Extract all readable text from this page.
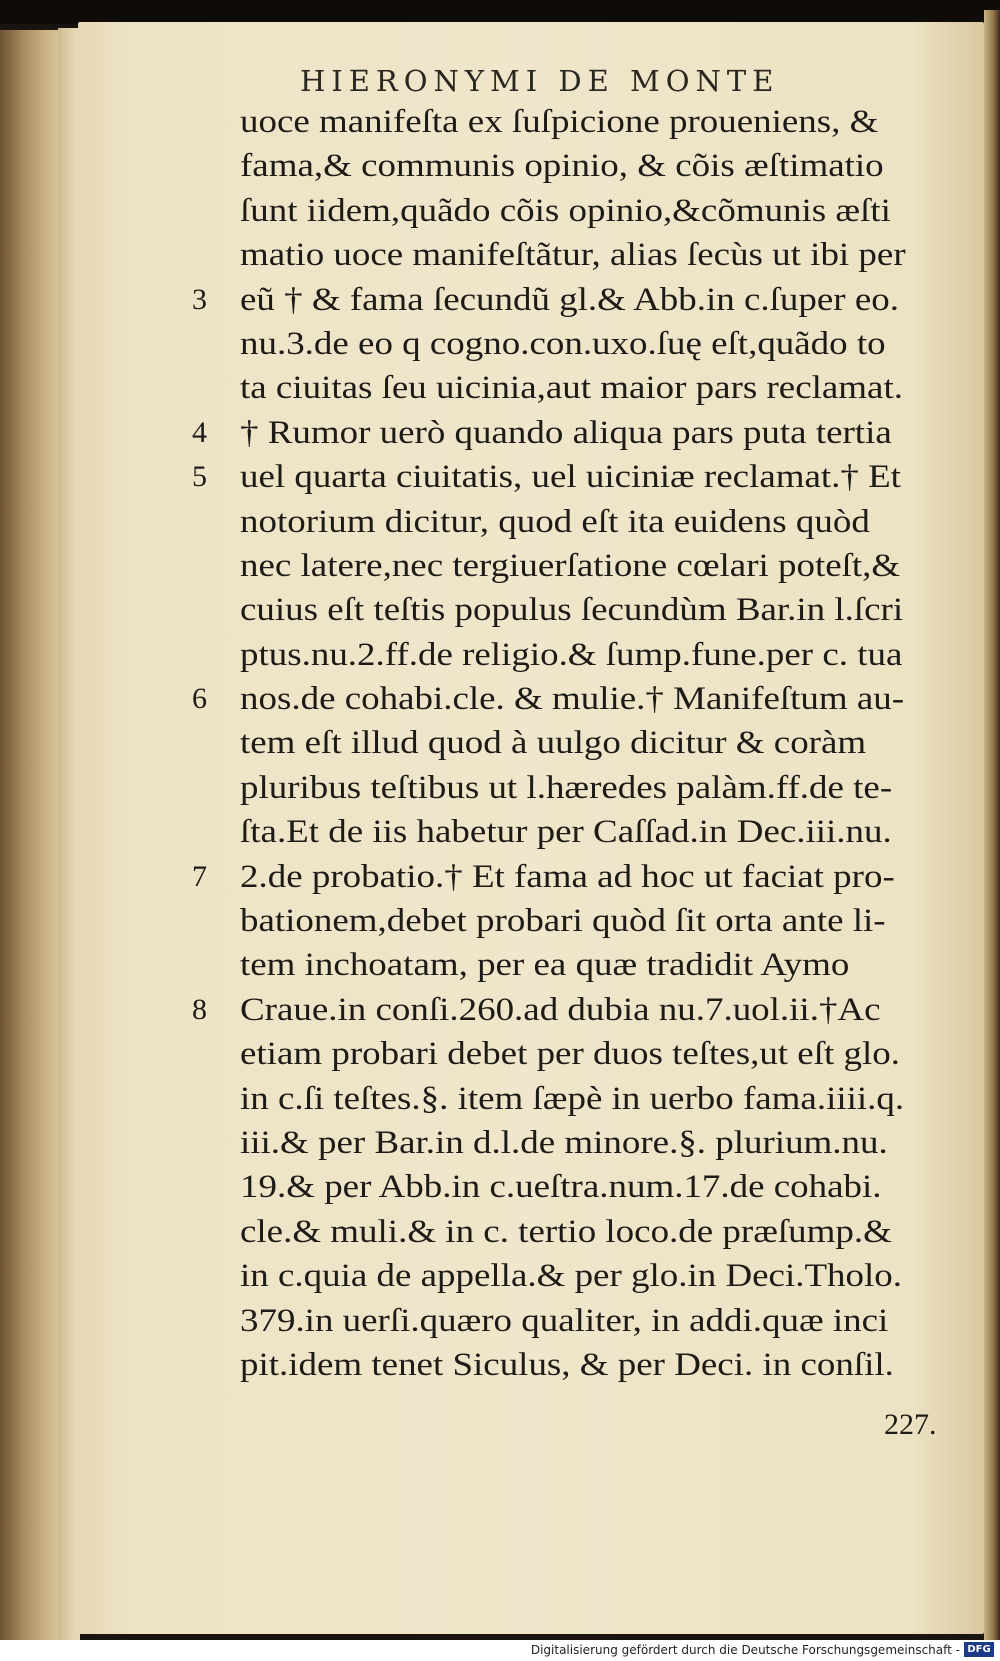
HIERONYMI DE MONTE
uoce manifeſta ex ſuſpicione proueniens, &
fama,& communis opinio, & cõis æſtimatio
ſunt iidem,quãdo cõis opinio,&cõmunis æſti
matio uoce manifeſtãtur, alias ſecùs ut ibi per
3 eũ † & fama ſecundũ gl.& Abb.in c.ſuper eo.
nu.3.de eo q cogno.con.uxo.ſuę eſt,quãdo to
ta ciuitas ſeu uicinia,aut maior pars reclamat.
4 † Rumor uerò quando aliqua pars puta tertia
5 uel quarta ciuitatis, uel uiciniæ reclamat.† Et
notorium dicitur, quod eſt ita euidens quòd
nec latere,nec tergiuerſatione cœlari poteſt,&
cuius eſt teſtis populus ſecundùm Bar.in l.ſcri
ptus.nu.2.ff.de religio.& ſump.fune.per c. tua
6 nos.de cohabi.cle. & mulie.† Manifeſtum au-
tem eſt illud quod à uulgo dicitur & coràm
pluribus teſtibus ut l.hæredes palàm.ff.de te-
ſta.Et de iis habetur per Caſſad.in Dec.iii.nu.
7 2.de probatio.† Et fama ad hoc ut faciat pro-
bationem,debet probari quòd ſit orta ante li-
tem inchoatam, per ea quæ tradidit Aymo
8 Craue.in conſi.260.ad dubia nu.7.uol.ii.†Ac
etiam probari debet per duos teſtes,ut eſt glo.
in c.ſi teſtes.§. item ſæpè in uerbo fama.iiii.q.
iii.& per Bar.in d.l.de minore.§. plurium.nu.
19.& per Abb.in c.ueſtra.num.17.de cohabi.
cle.& muli.& in c. tertio loco.de præſump.&
in c.quia de appella.& per glo.in Deci.Tholo.
379.in uerſi.quæro qualiter, in addi.quæ inci
pit.idem tenet Siculus, & per Deci. in conſil.
227.
Digitalisierung gefördert durch die Deutsche Forschungsgemeinschaft - DFG
